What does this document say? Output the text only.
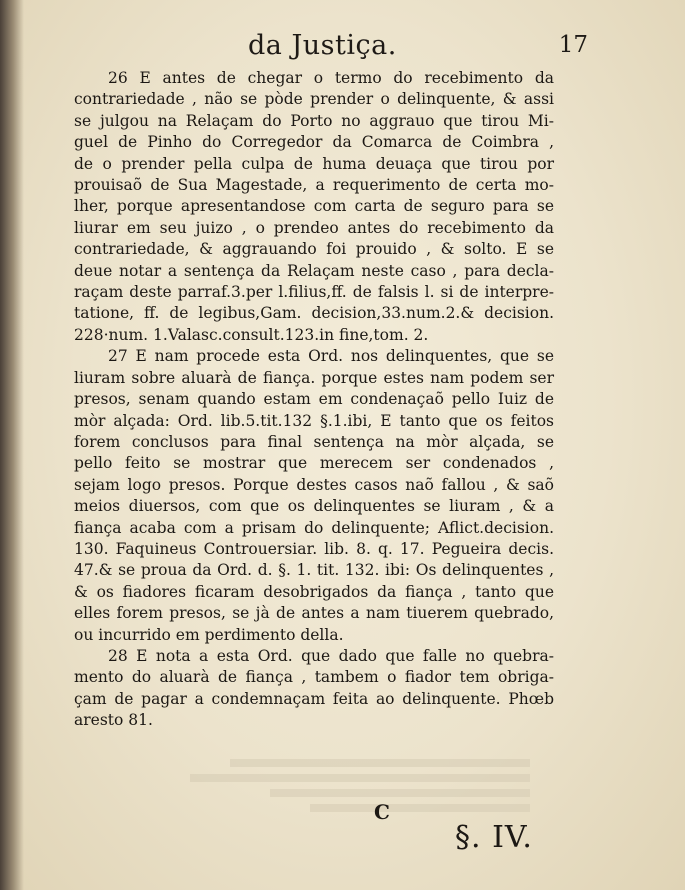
da Justiça.	17
26 E antes de chegar o termo do recebimento da
contrariedade , não se pòde prender o delinquente, & assi
se julgou na Relaçam do Porto no aggrauo que tirou Mi-
guel de Pinho do Corregedor da Comarca de Coimbra ,
de o prender pella culpa de huma deuaça que tirou por
prouisaõ de Sua Magestade, a requerimento de certa mo-
lher, porque apresentandose com carta de seguro para se
liurar em seu juizo , o prendeo antes do recebimento da
contrariedade, & aggrauando foi prouido , & solto. E se
deue notar a sentença da Relaçam neste caso , para decla-
raçam deste parraf.3.per l.filius,ff. de falsis l. si de interpre-
tatione, ff. de legibus,Gam. decision,33.num.2.& decision.
228·num. 1.Valasc.consult.123.in fine,tom. 2.
27 E nam procede esta Ord. nos delinquentes, que se
liuram sobre aluarà de fiança. porque estes nam podem ser
presos, senam quando estam em condenaçaõ pello Iuiz de
mòr alçada: Ord. lib.5.tit.132 §.1.ibi, E tanto que os feitos
forem conclusos para final sentença na mòr alçada, se
pello feito se mostrar que merecem ser condenados ,
sejam logo presos. Porque destes casos naõ fallou , & saõ
meios diuersos, com que os delinquentes se liuram , & a
fiança acaba com a prisam do delinquente; Aflict.decision.
130. Faquineus Controuersiar. lib. 8. q. 17. Pegueira decis.
47.& se proua da Ord. d. §. 1. tit. 132. ibi: Os delinquentes ,
& os fiadores ficaram desobrigados da fiança , tanto que
elles forem presos, se jà de antes a nam tiuerem quebrado,
ou incurrido em perdimento della.
28 E nota a esta Ord. que dado que falle no quebra-
mento do aluarà de fiança , tambem o fiador tem obriga-
çam de pagar a condemnaçam feita ao delinquente. Phœb
aresto 81.
C
§. IV.
